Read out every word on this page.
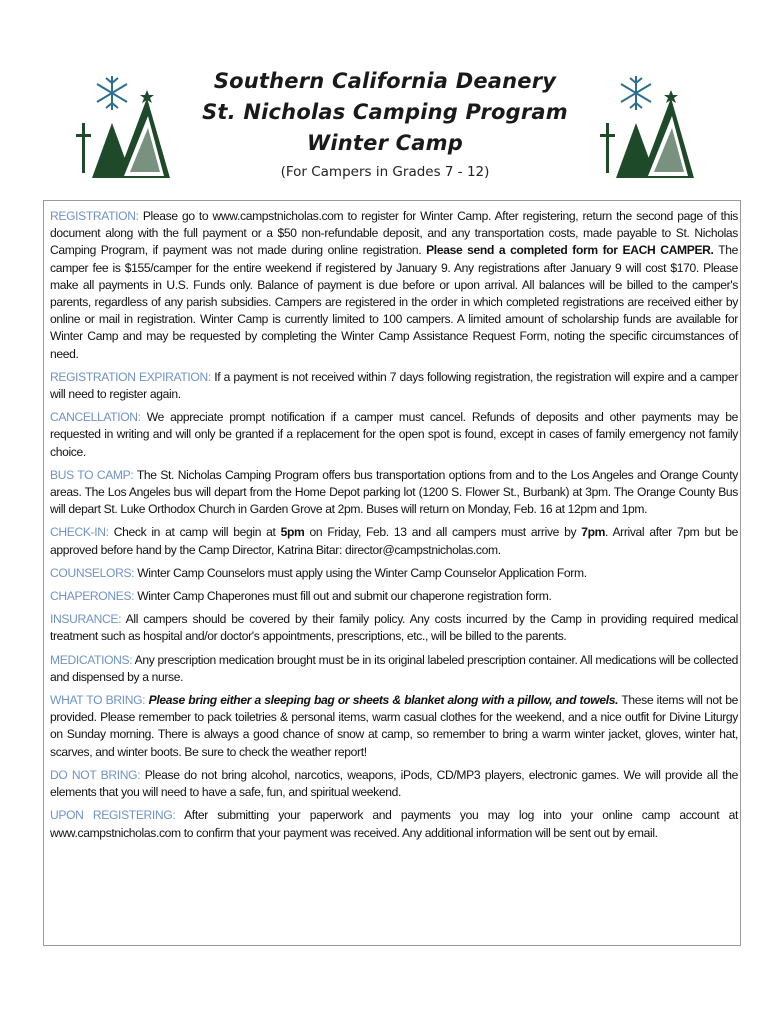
Southern California Deanery
St. Nicholas Camping Program
Winter Camp
(For Campers in Grades 7 - 12)

REGISTRATION: Please go to www.campstnicholas.com to register for Winter Camp. After registering, return the second page of this document along with the full payment or a $50 non-refundable deposit, and any transportation costs, made payable to St. Nicholas Camping Program, if payment was not made during online registration. Please send a completed form for EACH CAMPER. The camper fee is $155/camper for the entire weekend if registered by January 9. Any registrations after January 9 will cost $170. Please make all payments in U.S. Funds only. Balance of payment is due before or upon arrival. All balances will be billed to the camper's parents, regardless of any parish subsidies. Campers are registered in the order in which completed registrations are received either by online or mail in registration. Winter Camp is currently limited to 100 campers. A limited amount of scholarship funds are available for Winter Camp and may be requested by completing the Winter Camp Assistance Request Form, noting the specific circumstances of need.

REGISTRATION EXPIRATION: If a payment is not received within 7 days following registration, the registration will expire and a camper will need to register again.

CANCELLATION: We appreciate prompt notification if a camper must cancel. Refunds of deposits and other payments may be requested in writing and will only be granted if a replacement for the open spot is found, except in cases of family emergency not family choice.

BUS TO CAMP: The St. Nicholas Camping Program offers bus transportation options from and to the Los Angeles and Orange County areas. The Los Angeles bus will depart from the Home Depot parking lot (1200 S. Flower St., Burbank) at 3pm. The Orange County Bus will depart St. Luke Orthodox Church in Garden Grove at 2pm. Buses will return on Monday, Feb. 16 at 12pm and 1pm.

CHECK-IN: Check in at camp will begin at 5pm on Friday, Feb. 13 and all campers must arrive by 7pm. Arrival after 7pm but be approved before hand by the Camp Director, Katrina Bitar: director@campstnicholas.com.

COUNSELORS: Winter Camp Counselors must apply using the Winter Camp Counselor Application Form.

CHAPERONES: Winter Camp Chaperones must fill out and submit our chaperone registration form.

INSURANCE: All campers should be covered by their family policy. Any costs incurred by the Camp in providing required medical treatment such as hospital and/or doctor's appointments, prescriptions, etc., will be billed to the parents.

MEDICATIONS: Any prescription medication brought must be in its original labeled prescription container. All medications will be collected and dispensed by a nurse.

WHAT TO BRING: Please bring either a sleeping bag or sheets & blanket along with a pillow, and towels. These items will not be provided. Please remember to pack toiletries & personal items, warm casual clothes for the weekend, and a nice outfit for Divine Liturgy on Sunday morning. There is always a good chance of snow at camp, so remember to bring a warm winter jacket, gloves, winter hat, scarves, and winter boots. Be sure to check the weather report!

DO NOT BRING: Please do not bring alcohol, narcotics, weapons, iPods, CD/MP3 players, electronic games. We will provide all the elements that you will need to have a safe, fun, and spiritual weekend.

UPON REGISTERING: After submitting your paperwork and payments you may log into your online camp account at www.campstnicholas.com to confirm that your payment was received. Any additional information will be sent out by email.
